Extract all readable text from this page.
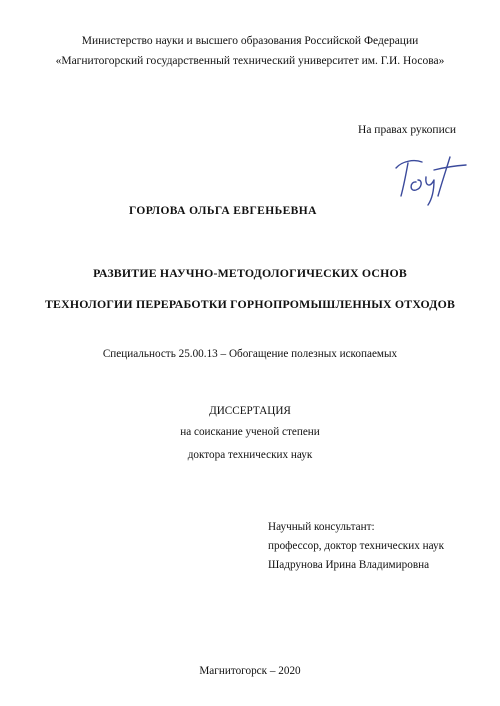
Министерство науки и высшего образования Российской Федерации
«Магнитогорский государственный технический университет им. Г.И. Носова»
На правах рукописи
ГОРЛОВА ОЛЬГА ЕВГЕНЬЕВНА
РАЗВИТИЕ НАУЧНО-МЕТОДОЛОГИЧЕСКИХ ОСНОВ
ТЕХНОЛОГИИ ПЕРЕРАБОТКИ ГОРНОПРОМЫШЛЕННЫХ ОТХОДОВ
Специальность 25.00.13 – Обогащение полезных ископаемых
ДИССЕРТАЦИЯ
на соискание ученой степени
доктора технических наук
Научный консультант:
профессор, доктор технических наук
Шадрунова Ирина Владимировна
Магнитогорск – 2020
